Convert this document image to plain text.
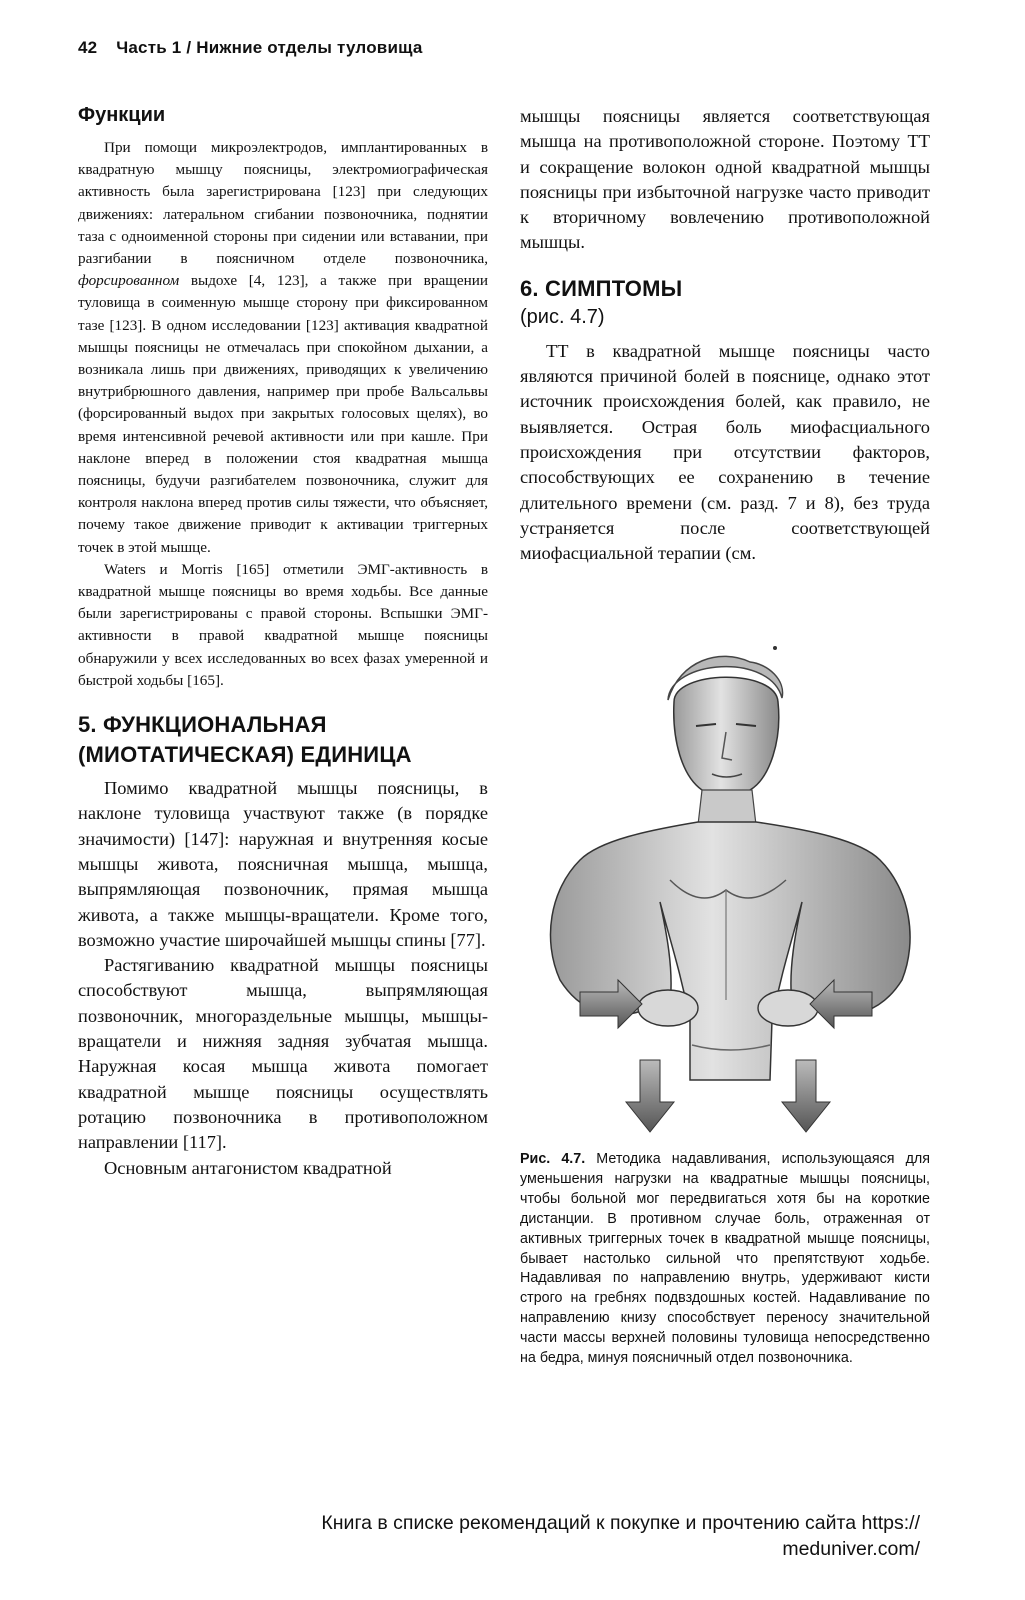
42 Часть 1 / Нижние отделы туловища
Функции

При помощи микроэлектродов, имплантированных в квадратную мышцу поясницы, электромиографическая активность была зарегистрирована [123] при следующих движениях: латеральном сгибании позвоночника, поднятии таза с одноименной стороны при сидении или вставании, при разгибании в поясничном отделе позвоночника, форсированном выдохе [4, 123], а также при вращении туловища в соименную мышце сторону при фиксированном тазе [123]. В одном исследовании [123] активация квадратной мышцы поясницы не отмечалась при спокойном дыхании, а возникала лишь при движениях, приводящих к увеличению внутрибрюшного давления, например при пробе Вальсальвы (форсированный выдох при закрытых голосовых щелях), во время интенсивной речевой активности или при кашле. При наклоне вперед в положении стоя квадратная мышца поясницы, будучи разгибателем позвоночника, служит для контроля наклона вперед против силы тяжести, что объясняет, почему такое движение приводит к активации триггерных точек в этой мышце.

Waters и Morris [165] отметили ЭМГ-активность в квадратной мышце поясницы во время ходьбы. Все данные были зарегистрированы с правой стороны. Вспышки ЭМГ-активности в правой квадратной мышце поясницы обнаружили у всех исследованных во всех фазах умеренной и быстрой ходьбы [165].

5. ФУНКЦИОНАЛЬНАЯ
(МИОТАТИЧЕСКАЯ) ЕДИНИЦА

Помимо квадратной мышцы поясницы, в наклоне туловища участвуют также (в порядке значимости) [147]: наружная и внутренняя косые мышцы живота, поясничная мышца, мышца, выпрямляющая позвоночник, прямая мышца живота, а также мышцы-вращатели. Кроме того, возможно участие широчайшей мышцы спины [77].

Растягиванию квадратной мышцы поясницы способствуют мышца, выпрямляющая позвоночник, многораздельные мышцы, мышцы-вращатели и нижняя задняя зубчатая мышца. Наружная косая мышца живота помогает квадратной мышце поясницы осуществлять ротацию позвоночника в противоположном направлении [117].

Основным антагонистом квадратной

мышцы поясницы является соответствующая мышца на противоположной стороне. Поэтому ТТ и сокращение волокон одной квадратной мышцы поясницы при избыточной нагрузке часто приводит к вторичному вовлечению противоположной мышцы.

6. СИМПТОМЫ
(рис. 4.7)

ТТ в квадратной мышце поясницы часто являются причиной болей в пояснице, однако этот источник происхождения болей, как правило, не выявляется. Острая боль миофасциального происхождения при отсутствии факторов, способствующих ее сохранению в течение длительного времени (см. разд. 7 и 8), без труда устраняется после соответствующей миофасциальной терапии (см.

Рис. 4.7. Методика надавливания, использующаяся для уменьшения нагрузки на квадратные мышцы поясницы, чтобы больной мог передвигаться хотя бы на короткие дистанции. В противном случае боль, отраженная от активных триггерных точек в квадратной мышце поясницы, бывает настолько сильной что препятствуют ходьбе. Надавливая по направлению внутрь, удерживают кисти строго на гребнях подвздошных костей. Надавливание по направлению книзу способствует переносу значительной части массы верхней половины туловища непосредственно на бедра, минуя поясничный отдел позвоночника.

Книга в списке рекомендаций к покупке и прочтению сайта https://
meduniver.com/
